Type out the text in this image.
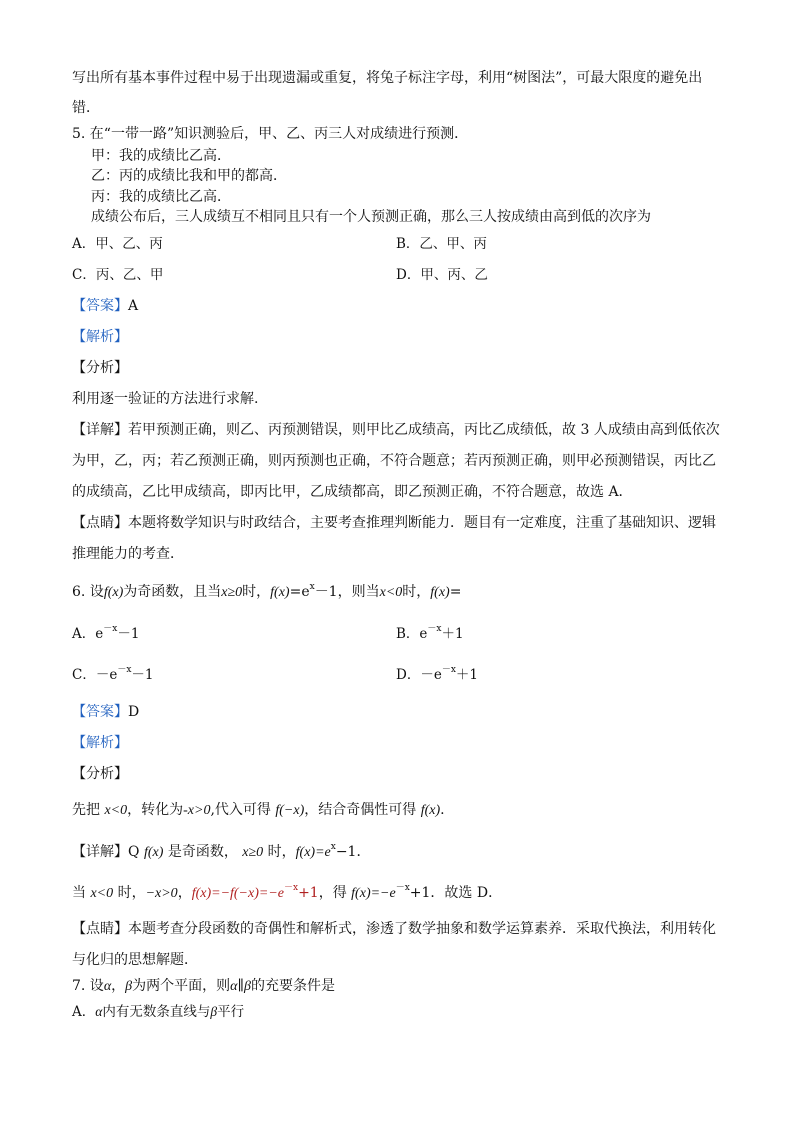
写出所有基本事件过程中易于出现遗漏或重复，将兔子标注字母，利用“树图法”，可最大限度的避免出
错．
5. 在“一带一路”知识测验后，甲、乙、丙三人对成绩进行预测．
甲：我的成绩比乙高．
乙：丙的成绩比我和甲的都高．
丙：我的成绩比乙高．
成绩公布后，三人成绩互不相同且只有一个人预测正确，那么三人按成绩由高到低的次序为
A．甲、乙、丙	B．乙、甲、丙
C．丙、乙、甲	D．甲、丙、乙
【答案】A
【解析】
【分析】
利用逐一验证的方法进行求解.
【详解】若甲预测正确，则乙、丙预测错误，则甲比乙成绩高，丙比乙成绩低，故 3 人成绩由高到低依次
为甲，乙，丙；若乙预测正确，则丙预测也正确，不符合题意；若丙预测正确，则甲必预测错误，丙比乙
的成绩高，乙比甲成绩高，即丙比甲，乙成绩都高，即乙预测正确，不符合题意，故选 A．
【点睛】本题将数学知识与时政结合，主要考查推理判断能力．题目有一定难度，注重了基础知识、逻辑
推理能力的考查．
6. 设f(x)为奇函数，且当x≥0时，$f(x)=e^x-1$，则当x<0时，f(x)=
A．$e^{-x}-1$	B．$e^{-x}+1$
C．$-e^{-x}-1$	D．$-e^{-x}+1$
【答案】D
【解析】
【分析】
先把 x<0，转化为-x>0,代入可得 f(−x)，结合奇偶性可得 f(x).
【详解】Q f(x) 是奇函数， x≥0 时，$f(x)=e^x-1$．
当 x<0 时，−x>0，$f(x)=-f(-x)=-e^{-x}+1$，得 $f(x)=-e^{-x}+1$．故选 D．
【点睛】本题考查分段函数的奇偶性和解析式，渗透了数学抽象和数学运算素养．采取代换法，利用转化
与化归的思想解题．
7. 设α，β为两个平面，则α∥β的充要条件是
A．α内有无数条直线与β平行
